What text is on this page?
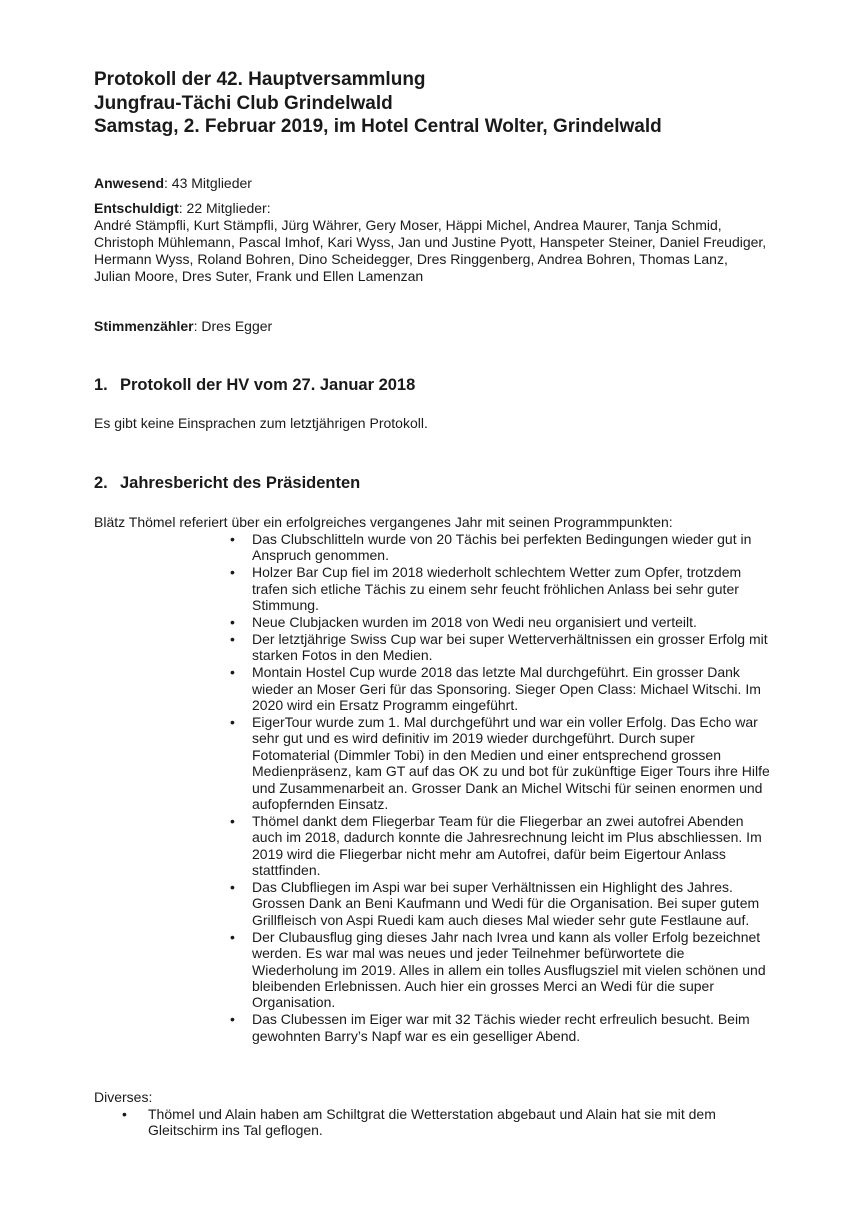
Protokoll der 42. Hauptversammlung
Jungfrau-Tächi Club Grindelwald
Samstag, 2. Februar 2019, im Hotel Central Wolter, Grindelwald
Anwesend: 43 Mitglieder
Entschuldigt: 22 Mitglieder:
André Stämpfli, Kurt Stämpfli, Jürg Währer, Gery Moser, Häppi Michel, Andrea Maurer, Tanja Schmid,
Christoph Mühlemann, Pascal Imhof, Kari Wyss, Jan und Justine Pyott, Hanspeter Steiner, Daniel Freudiger,
Hermann Wyss, Roland Bohren, Dino Scheidegger, Dres Ringgenberg, Andrea Bohren, Thomas Lanz,
Julian Moore, Dres Suter, Frank und Ellen Lamenzan
Stimmenzähler: Dres Egger
1. Protokoll der HV vom 27. Januar 2018
Es gibt keine Einsprachen zum letztjährigen Protokoll.
2. Jahresbericht des Präsidenten
Blätz Thömel referiert über ein erfolgreiches vergangenes Jahr mit seinen Programmpunkten:
• Das Clubschlitteln wurde von 20 Tächis bei perfekten Bedingungen wieder gut in
Anspruch genommen.
• Holzer Bar Cup fiel im 2018 wiederholt schlechtem Wetter zum Opfer, trotzdem
trafen sich etliche Tächis zu einem sehr feucht fröhlichen Anlass bei sehr guter
Stimmung.
• Neue Clubjacken wurden im 2018 von Wedi neu organisiert und verteilt.
• Der letztjährige Swiss Cup war bei super Wetterverhältnissen ein grosser Erfolg mit
starken Fotos in den Medien.
• Montain Hostel Cup wurde 2018 das letzte Mal durchgeführt. Ein grosser Dank
wieder an Moser Geri für das Sponsoring. Sieger Open Class: Michael Witschi. Im
2020 wird ein Ersatz Programm eingeführt.
• EigerTour wurde zum 1. Mal durchgeführt und war ein voller Erfolg. Das Echo war
sehr gut und es wird definitiv im 2019 wieder durchgeführt. Durch super
Fotomaterial (Dimmler Tobi) in den Medien und einer entsprechend grossen
Medienpräsenz, kam GT auf das OK zu und bot für zukünftige Eiger Tours ihre Hilfe
und Zusammenarbeit an. Grosser Dank an Michel Witschi für seinen enormen und
aufopfernden Einsatz.
• Thömel dankt dem Fliegerbar Team für die Fliegerbar an zwei autofrei Abenden
auch im 2018, dadurch konnte die Jahresrechnung leicht im Plus abschliessen. Im
2019 wird die Fliegerbar nicht mehr am Autofrei, dafür beim Eigertour Anlass
stattfinden.
• Das Clubfliegen im Aspi war bei super Verhältnissen ein Highlight des Jahres.
Grossen Dank an Beni Kaufmann und Wedi für die Organisation. Bei super gutem
Grillfleisch von Aspi Ruedi kam auch dieses Mal wieder sehr gute Festlaune auf.
• Der Clubausflug ging dieses Jahr nach Ivrea und kann als voller Erfolg bezeichnet
werden. Es war mal was neues und jeder Teilnehmer befürwortete die
Wiederholung im 2019. Alles in allem ein tolles Ausflugsziel mit vielen schönen und
bleibenden Erlebnissen. Auch hier ein grosses Merci an Wedi für die super
Organisation.
• Das Clubessen im Eiger war mit 32 Tächis wieder recht erfreulich besucht. Beim
gewohnten Barry’s Napf war es ein geselliger Abend.
Diverses:
• Thömel und Alain haben am Schiltgrat die Wetterstation abgebaut und Alain hat sie mit dem
Gleitschirm ins Tal geflogen.
